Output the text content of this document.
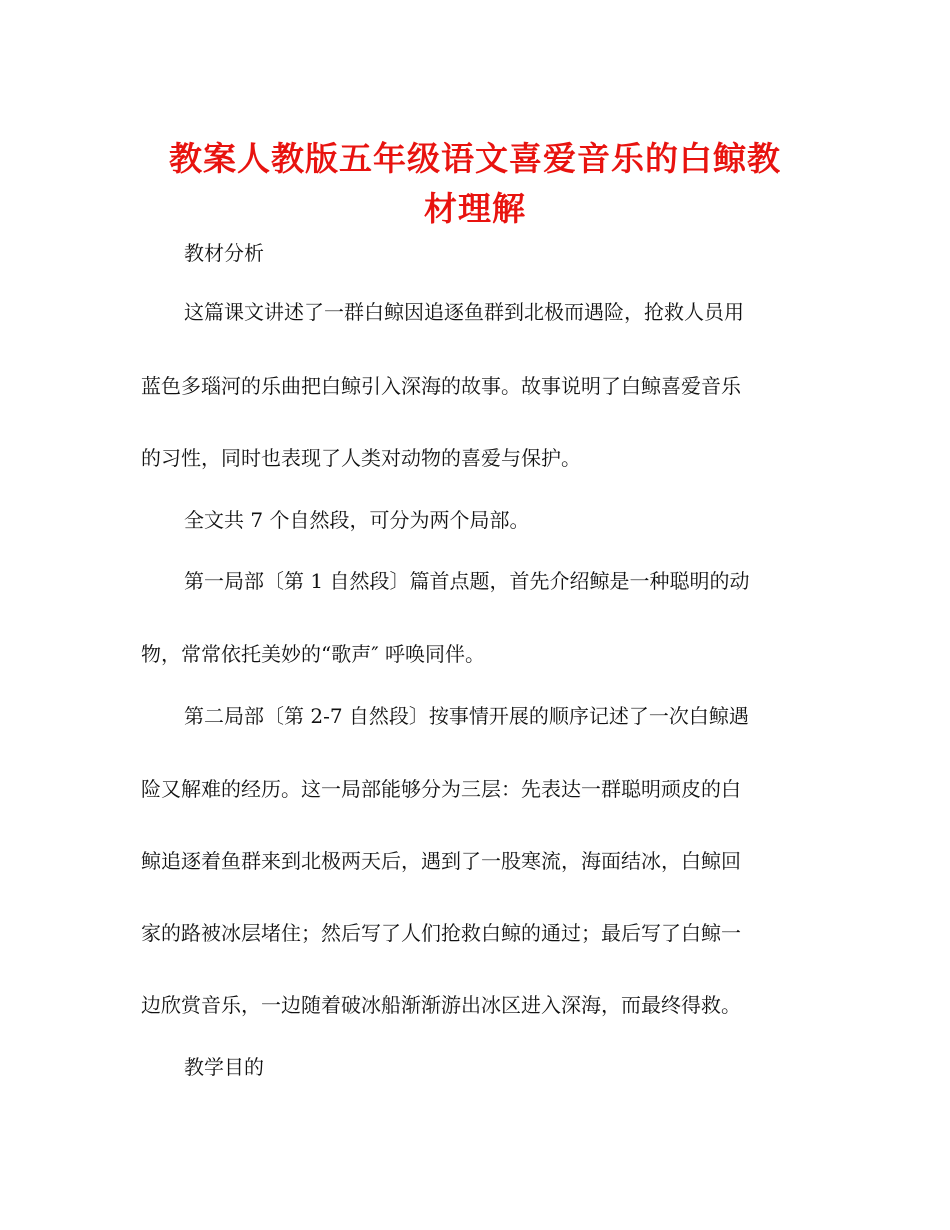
教案人教版五年级语文喜爱音乐的白鲸教
材理解

教材分析

这篇课文讲述了一群白鲸因追逐鱼群到北极而遇险，抢救人员用

蓝色多瑙河的乐曲把白鲸引入深海的故事。故事说明了白鲸喜爱音乐

的习性，同时也表现了人类对动物的喜爱与保护。

全文共 7 个自然段，可分为两个局部。

第一局部〔第 1 自然段〕篇首点题，首先介绍鲸是一种聪明的动

物，常常依托美妙的“歌声″ 呼唤同伴。

第二局部〔第 2-7 自然段〕按事情开展的顺序记述了一次白鲸遇

险又解难的经历。这一局部能够分为三层：先表达一群聪明顽皮的白

鲸追逐着鱼群来到北极两天后，遇到了一股寒流，海面结冰，白鲸回

家的路被冰层堵住；然后写了人们抢救白鲸的通过；最后写了白鲸一

边欣赏音乐，一边随着破冰船渐渐游出冰区进入深海，而最终得救。

教学目的
